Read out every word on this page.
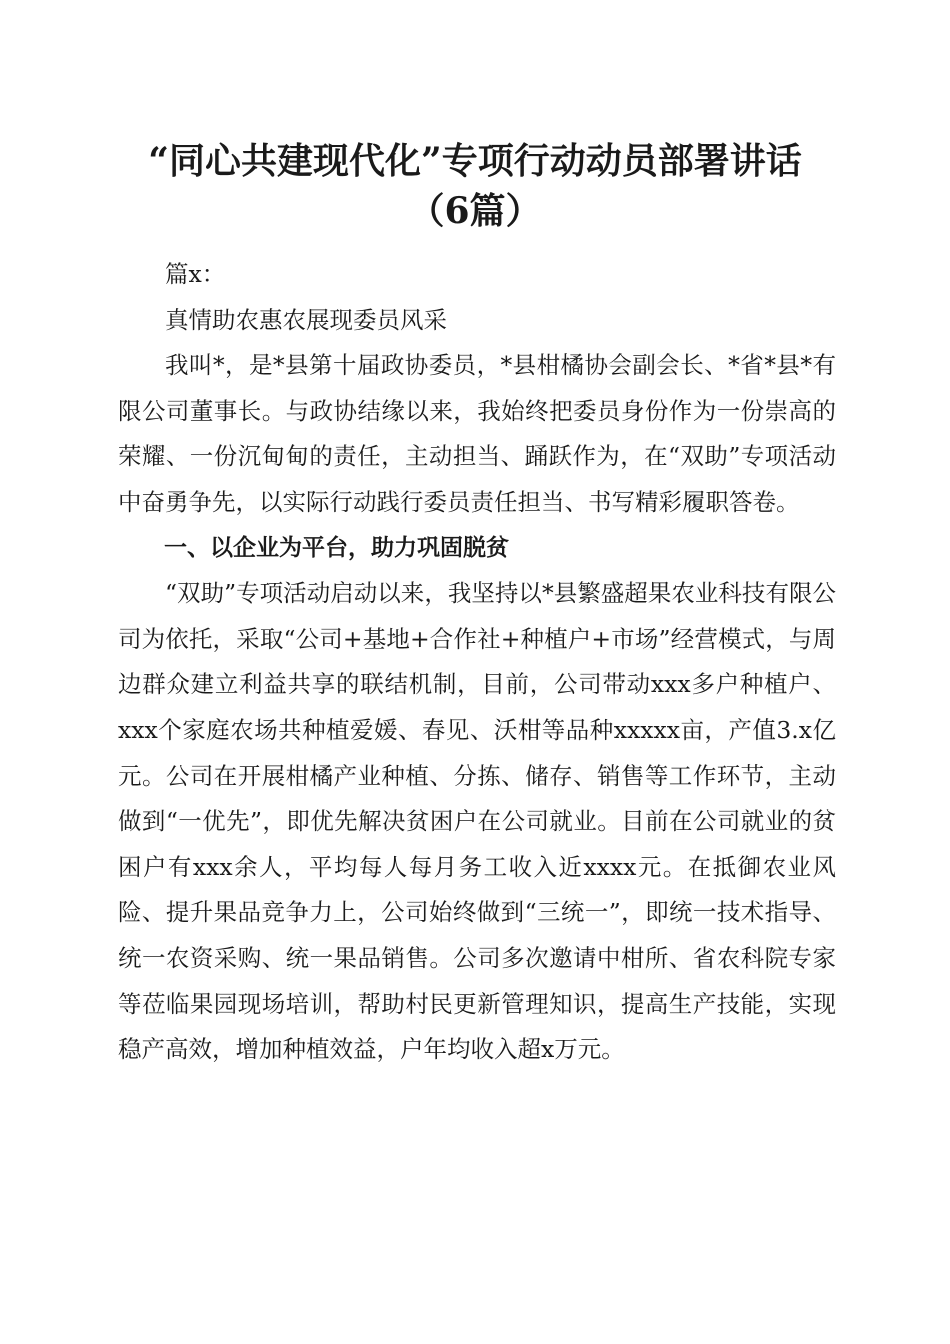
“同心共建现代化”专项行动动员部署讲话
（6篇）

篇x：

真情助农惠农展现委员风采

我叫*，是*县第十届政协委员，*县柑橘协会副会长、*省*县*有限公司董事长。与政协结缘以来，我始终把委员身份作为一份崇高的荣耀、一份沉甸甸的责任，主动担当、踊跃作为，在“双助”专项活动中奋勇争先，以实际行动践行委员责任担当、书写精彩履职答卷。

一、以企业为平台，助力巩固脱贫

“双助”专项活动启动以来，我坚持以*县繁盛超果农业科技有限公司为依托，采取“公司+基地+合作社+种植户+市场”经营模式，与周边群众建立利益共享的联结机制，目前，公司带动xxx多户种植户、xxx个家庭农场共种植爱媛、春见、沃柑等品种xxxxx亩，产值3.x亿元。公司在开展柑橘产业种植、分拣、储存、销售等工作环节，主动做到“一优先”，即优先解决贫困户在公司就业。目前在公司就业的贫困户有xxx余人，平均每人每月务工收入近xxxx元。在抵御农业风险、提升果品竞争力上，公司始终做到“三统一”，即统一技术指导、统一农资采购、统一果品销售。公司多次邀请中柑所、省农科院专家等莅临果园现场培训，帮助村民更新管理知识，提高生产技能，实现稳产高效，增加种植效益，户年均收入超x万元。
